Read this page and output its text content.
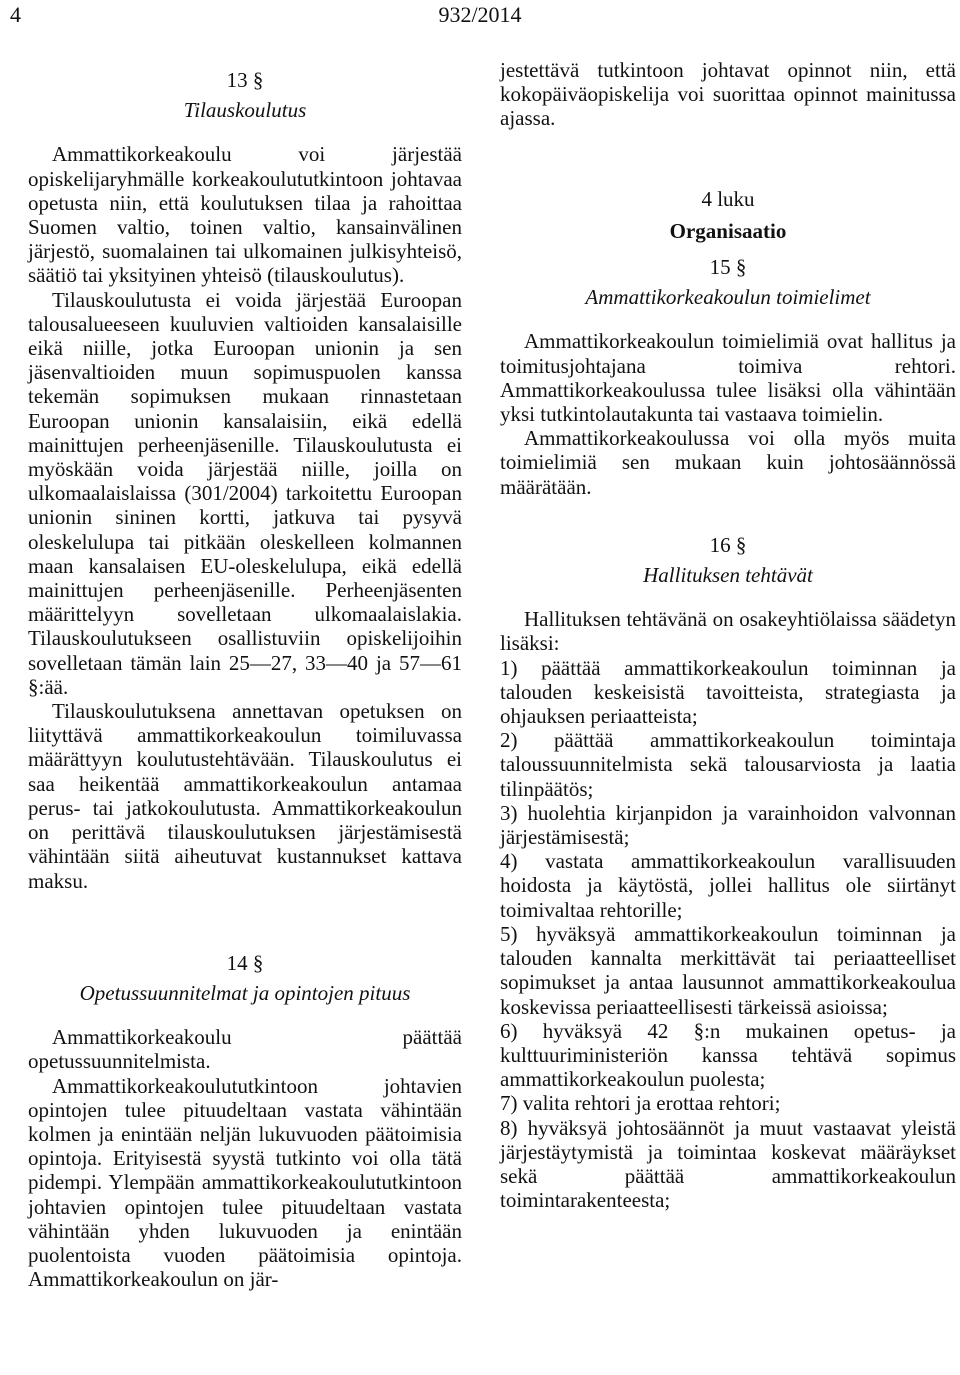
4	932/2014

13 §

Tilauskoulutus

Ammattikorkeakoulu voi järjestää opiskelijaryhmälle korkeakoulututkintoon johtavaa opetusta niin, että koulutuksen tilaa ja rahoittaa Suomen valtio, toinen valtio, kansainvälinen järjestö, suomalainen tai ulkomainen julkisyhteisö, säätiö tai yksityinen yhteisö (tilauskoulutus).

Tilauskoulutusta ei voida järjestää Euroopan talousalueeseen kuuluvien valtioiden kansalaisille eikä niille, jotka Euroopan unionin ja sen jäsenvaltioiden muun sopimuspuolen kanssa tekemän sopimuksen mukaan rinnastetaan Euroopan unionin kansalaisiin, eikä edellä mainittujen perheenjäsenille. Tilauskoulutusta ei myöskään voida järjestää niille, joilla on ulkomaalaislaissa (301/2004) tarkoitettu Euroopan unionin sininen kortti, jatkuva tai pysyvä oleskelulupa tai pitkään oleskelleen kolmannen maan kansalaisen EU-oleskelulupa, eikä edellä mainittujen perheenjäsenille. Perheenjäsenten määrittelyyn sovelletaan ulkomaalaislakia. Tilauskoulutukseen osallistuviin opiskelijoihin sovelletaan tämän lain 25—27, 33—40 ja 57—61 §:ää.

Tilauskoulutuksena annettavan opetuksen on liityttävä ammattikorkeakoulun toimiluvassa määrättyyn koulutustehtävään. Tilauskoulutus ei saa heikentää ammattikorkeakoulun antamaa perus- tai jatkokoulutusta. Ammattikorkeakoulun on perittävä tilauskoulutuksen järjestämisestä vähintään siitä aiheutuvat kustannukset kattava maksu.

14 §

Opetussuunnitelmat ja opintojen pituus

Ammattikorkeakoulu päättää opetussuunnitelmista.

Ammattikorkeakoulututkintoon johtavien opintojen tulee pituudeltaan vastata vähintään kolmen ja enintään neljän lukuvuoden päätoimisia opintoja. Erityisestä syystä tutkinto voi olla tätä pidempi. Ylempään ammattikorkeakoulututkintoon johtavien opintojen tulee pituudeltaan vastata vähintään yhden lukuvuoden ja enintään puolentoista vuoden päätoimisia opintoja. Ammattikorkeakoulun on jär-

jestettävä tutkintoon johtavat opinnot niin, että kokopäiväopiskelija voi suorittaa opinnot mainitussa ajassa.

4 luku

Organisaatio

15 §

Ammattikorkeakoulun toimielimet

Ammattikorkeakoulun toimielimiä ovat hallitus ja toimitusjohtajana toimiva rehtori. Ammattikorkeakoulussa tulee lisäksi olla vähintään yksi tutkintolautakunta tai vastaava toimielin.

Ammattikorkeakoulussa voi olla myös muita toimielimiä sen mukaan kuin johtosäännössä määrätään.

16 §

Hallituksen tehtävät

Hallituksen tehtävänä on osakeyhtiölaissa säädetyn lisäksi:

1) päättää ammattikorkeakoulun toiminnan ja talouden keskeisistä tavoitteista, strategiasta ja ohjauksen periaatteista;

2) päättää ammattikorkeakoulun toimintaja taloussuunnitelmista sekä talousarviosta ja laatia tilinpäätös;

3) huolehtia kirjanpidon ja varainhoidon valvonnan järjestämisestä;

4) vastata ammattikorkeakoulun varallisuuden hoidosta ja käytöstä, jollei hallitus ole siirtänyt toimivaltaa rehtorille;

5) hyväksyä ammattikorkeakoulun toiminnan ja talouden kannalta merkittävät tai periaatteelliset sopimukset ja antaa lausunnot ammattikorkeakoulua koskevissa periaatteellisesti tärkeissä asioissa;

6) hyväksyä 42 §:n mukainen opetus- ja kulttuuriministeriön kanssa tehtävä sopimus ammattikorkeakoulun puolesta;

7) valita rehtori ja erottaa rehtori;

8) hyväksyä johtosäännöt ja muut vastaavat yleistä järjestäytymistä ja toimintaa koskevat määräykset sekä päättää ammattikorkeakoulun toimintarakenteesta;
